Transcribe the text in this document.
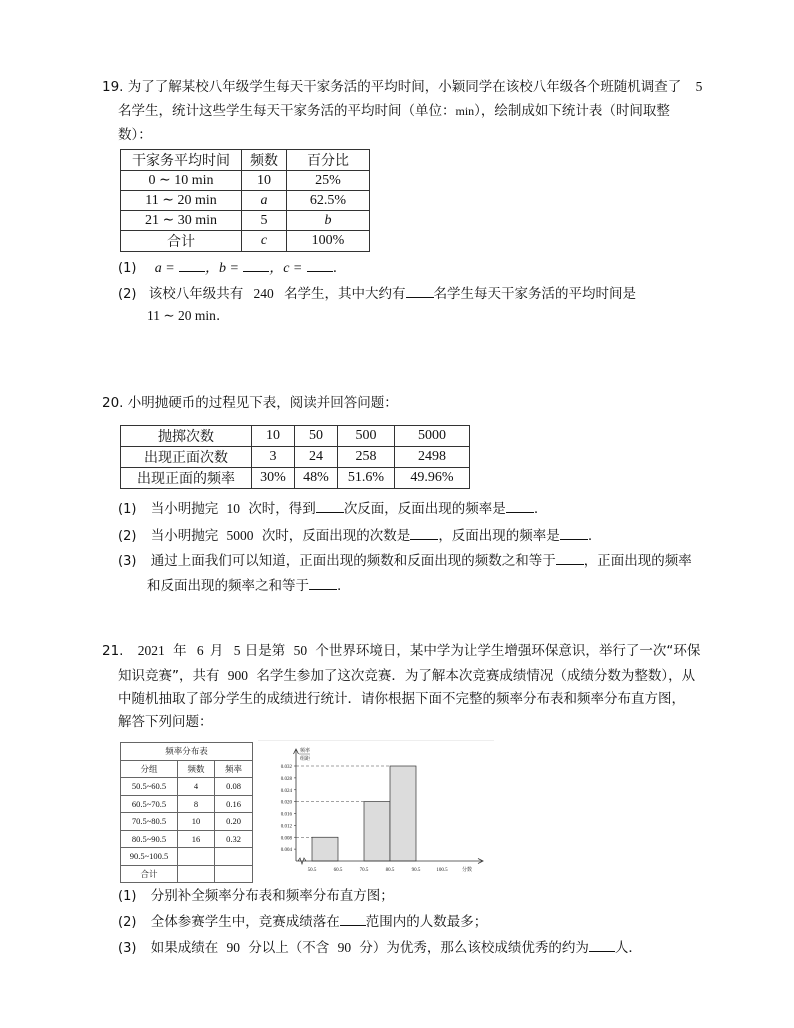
19. 为了了解某校八年级学生每天干家务活的平均时间，小颖同学在该校八年级各个班随机调查了 5
名学生，统计这些学生每天干家务活的平均时间（单位：min），绘制成如下统计表（时间取整
数）：
干家务平均时间	频数	百分比
0 ∼ 10 min	10	25%
11 ∼ 20 min	a	62.5%
21 ∼ 30 min	5	b
合计	c	100%
(1) a = ，b = ，c = .
(2) 该校八年级共有 240 名学生，其中大约有 名学生每天干家务活的平均时间是
11 ∼ 20 min.
20. 小明抛硬币的过程见下表，阅读并回答问题：
抛掷次数	10	50	500	5000
出现正面次数	3	24	258	2498
出现正面的频率	30%	48%	51.6%	49.96%
(1) 当小明抛完 10 次时，得到 次反面，反面出现的频率是 .
(2) 当小明抛完 5000 次时，反面出现的次数是 ，反面出现的频率是 .
(3) 通过上面我们可以知道，正面出现的频数和反面出现的频数之和等于 ，正面出现的频率
和反面出现的频率之和等于 .
21. 2021 年 6 月 5 日是第 50 个世界环境日，某中学为让学生增强环保意识，举行了一次“环保
知识竞赛”，共有 900 名学生参加了这次竞赛．为了解本次竞赛成绩情况（成绩分数为整数），从
中随机抽取了部分学生的成绩进行统计．请你根据下面不完整的频率分布表和频率分布直方图，
解答下列问题：
频率分布表		
分组	频数	频率
50.5~60.5	4	0.08
60.5~70.5	8	0.16
70.5~80.5	10	0.20
80.5~90.5	16	0.32
90.5~100.5		
合计		
频率
组距
0.004
0.008
0.012
0.016
0.020
0.024
0.028
0.032
50.5	60.5	70.5	80.5	90.5	100.5	分数
(1) 分别补全频率分布表和频率分布直方图；
(2) 全体参赛学生中，竞赛成绩落在 范围内的人数最多；
(3) 如果成绩在 90 分以上（不含 90 分）为优秀，那么该校成绩优秀的约为 人．
